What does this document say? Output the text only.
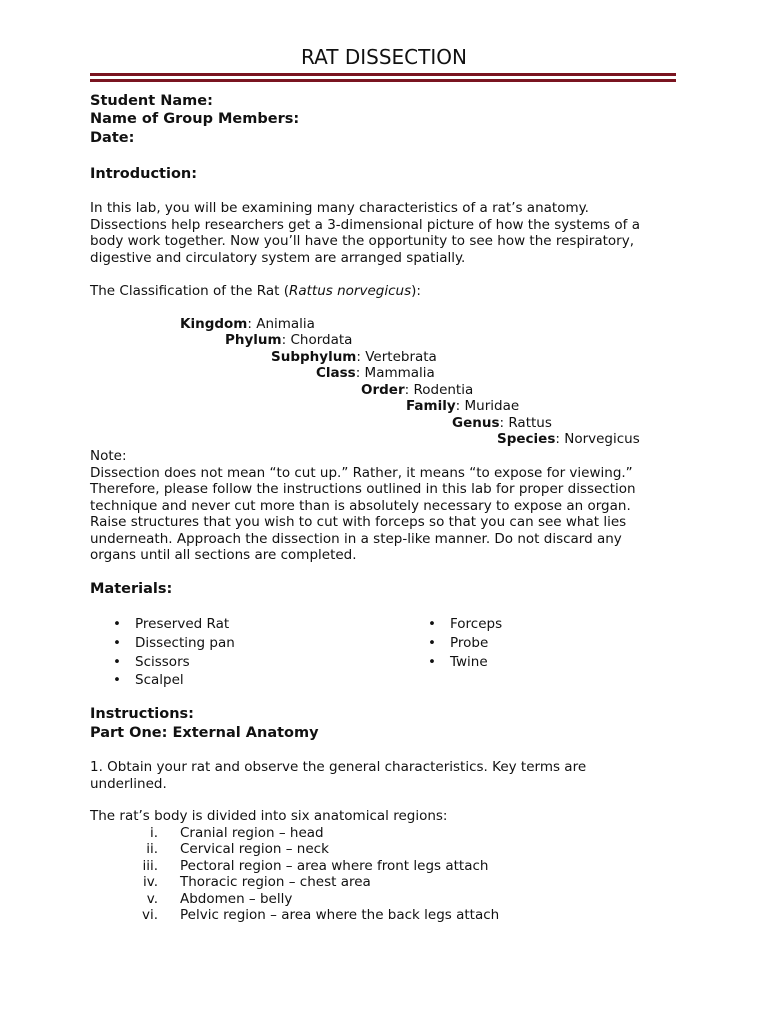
RAT DISSECTION
Student Name:
Name of Group Members:
Date:
Introduction:
In this lab, you will be examining many characteristics of a rat’s anatomy.
Dissections help researchers get a 3-dimensional picture of how the systems of a
body work together. Now you’ll have the opportunity to see how the respiratory,
digestive and circulatory system are arranged spatially.
The Classification of the Rat (Rattus norvegicus):
Kingdom: Animalia
Phylum: Chordata
Subphylum: Vertebrata
Class: Mammalia
Order: Rodentia
Family: Muridae
Genus: Rattus
Species: Norvegicus
Note:
Dissection does not mean “to cut up.” Rather, it means “to expose for viewing.”
Therefore, please follow the instructions outlined in this lab for proper dissection
technique and never cut more than is absolutely necessary to expose an organ.
Raise structures that you wish to cut with forceps so that you can see what lies
underneath. Approach the dissection in a step-like manner. Do not discard any
organs until all sections are completed.
Materials:
• Preserved Rat
• Dissecting pan
• Scissors
• Scalpel
• Forceps
• Probe
• Twine
Instructions:
Part One: External Anatomy
1. Obtain your rat and observe the general characteristics. Key terms are
underlined.
The rat’s body is divided into six anatomical regions:
i. Cranial region – head
ii. Cervical region – neck
iii. Pectoral region – area where front legs attach
iv. Thoracic region – chest area
v. Abdomen – belly
vi. Pelvic region – area where the back legs attach
